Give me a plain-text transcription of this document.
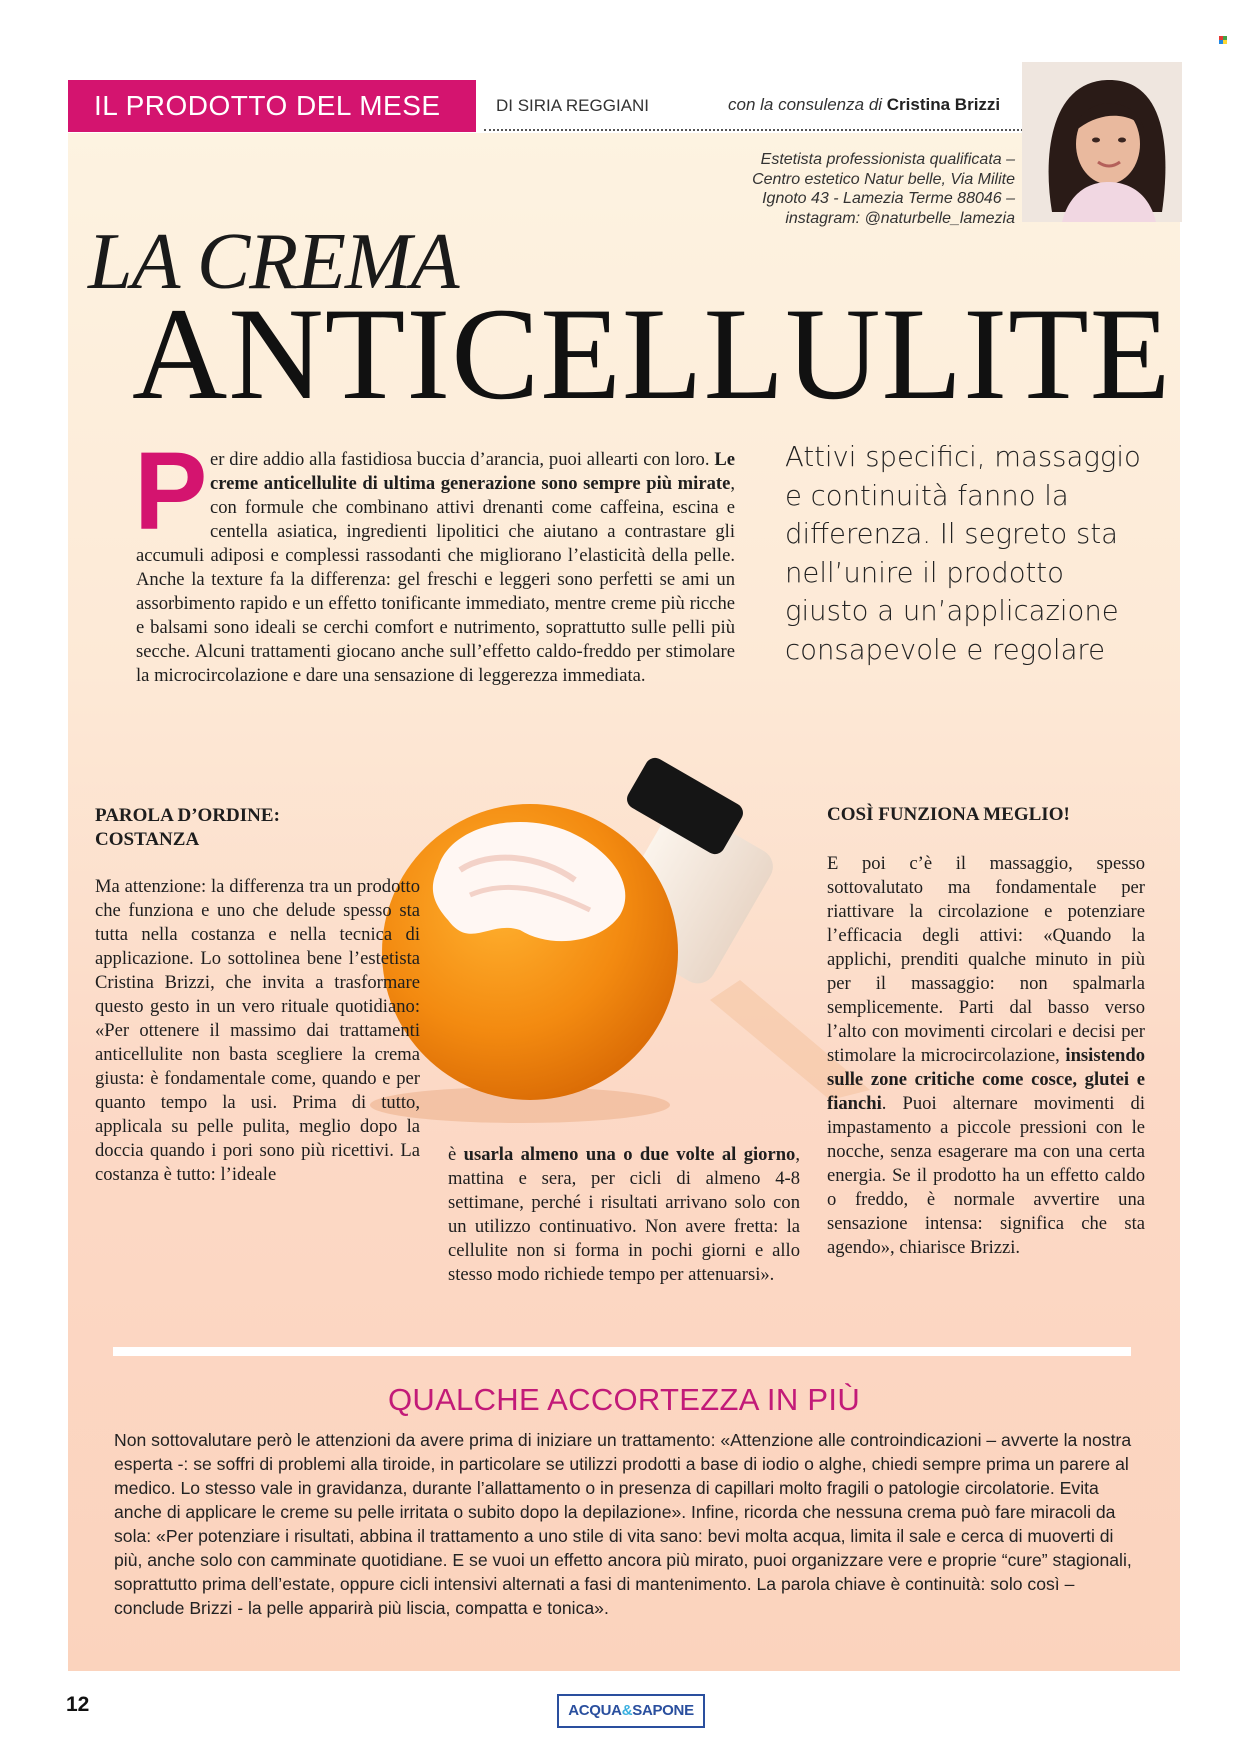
IL PRODOTTO DEL MESE	DI SIRIA REGGIANI	con la consulenza di Cristina Brizzi
Estetista professionista qualificata –
Centro estetico Natur belle, Via Milite
Ignoto 43 - Lamezia Terme 88046 –
instagram: @naturbelle_lamezia
LA CREMA
ANTICELLULITE
P er dire addio alla fastidiosa buccia d’arancia, puoi allearti con loro. Le creme anticellulite di ultima generazione sono sempre più mirate, con formule che combinano attivi drenanti come caffeina, escina e centella asiatica, ingredienti lipolitici che aiutano a contrastare gli accumuli adiposi e complessi rassodanti che migliorano l’elasticità della pelle. Anche la texture fa la differenza: gel freschi e leggeri sono perfetti se ami un assorbimento rapido e un effetto tonificante immediato, mentre creme più ricche e balsami sono ideali se cerchi comfort e nutrimento, soprattutto sulle pelli più secche. Alcuni trattamenti giocano anche sull’effetto caldo-freddo per stimolare la microcircolazione e dare una sensazione di leggerezza immediata.

Attivi specifici, massaggio e continuità fanno la differenza. Il segreto sta nell’unire il prodotto giusto a un’applicazione consapevole e regolare
PAROLA D’ORDINE: COSTANZA

Ma attenzione: la differenza tra un prodotto che funziona e uno che delude spesso sta tutta nella costanza e nella tecnica di applicazione. Lo sottolinea bene l’estetista Cristina Brizzi, che invita a trasformare questo gesto in un vero rituale quotidiano: «Per ottenere il massimo dai trattamenti anticellulite non basta scegliere la crema giusta: è fondamentale come, quando e per quanto tempo la usi. Prima di tutto, applicala su pelle pulita, meglio dopo la doccia quando i pori sono più ricettivi. La costanza è tutto: l’ideale

è usarla almeno una o due volte al giorno, mattina e sera, per cicli di almeno 4-8 settimane, perché i risultati arrivano solo con un utilizzo continuativo. Non avere fretta: la cellulite non si forma in pochi giorni e allo stesso modo richiede tempo per attenuarsi».

COSÌ FUNZIONA MEGLIO!

E poi c’è il massaggio, spesso sottovalutato ma fondamentale per riattivare la circolazione e potenziare l’efficacia degli attivi: «Quando la applichi, prenditi qualche minuto in più per il massaggio: non spalmarla semplicemente. Parti dal basso verso l’alto con movimenti circolari e decisi per stimolare la microcircolazione, insistendo sulle zone critiche come cosce, glutei e fianchi. Puoi alternare movimenti di impastamento a piccole pressioni con le nocche, senza esagerare ma con una certa energia. Se il prodotto ha un effetto caldo o freddo, è normale avvertire una sensazione intensa: significa che sta agendo», chiarisce Brizzi.

QUALCHE ACCORTEZZA IN PIÙ
Non sottovalutare però le attenzioni da avere prima di iniziare un trattamento: «Attenzione alle controindicazioni – avverte la nostra esperta -: se soffri di problemi alla tiroide, in particolare se utilizzi prodotti a base di iodio o alghe, chiedi sempre prima un parere al medico. Lo stesso vale in gravidanza, durante l’allattamento o in presenza di capillari molto fragili o patologie circolatorie. Evita anche di applicare le creme su pelle irritata o subito dopo la depilazione». Infine, ricorda che nessuna crema può fare miracoli da sola: «Per potenziare i risultati, abbina il trattamento a uno stile di vita sano: bevi molta acqua, limita il sale e cerca di muoverti di più, anche solo con camminate quotidiane. E se vuoi un effetto ancora più mirato, puoi organizzare vere e proprie “cure” stagionali, soprattutto prima dell’estate, oppure cicli intensivi alternati a fasi di mantenimento. La parola chiave è continuità: solo così – conclude Brizzi - la pelle apparirà più liscia, compatta e tonica».
12	ACQUA&SAPONE
